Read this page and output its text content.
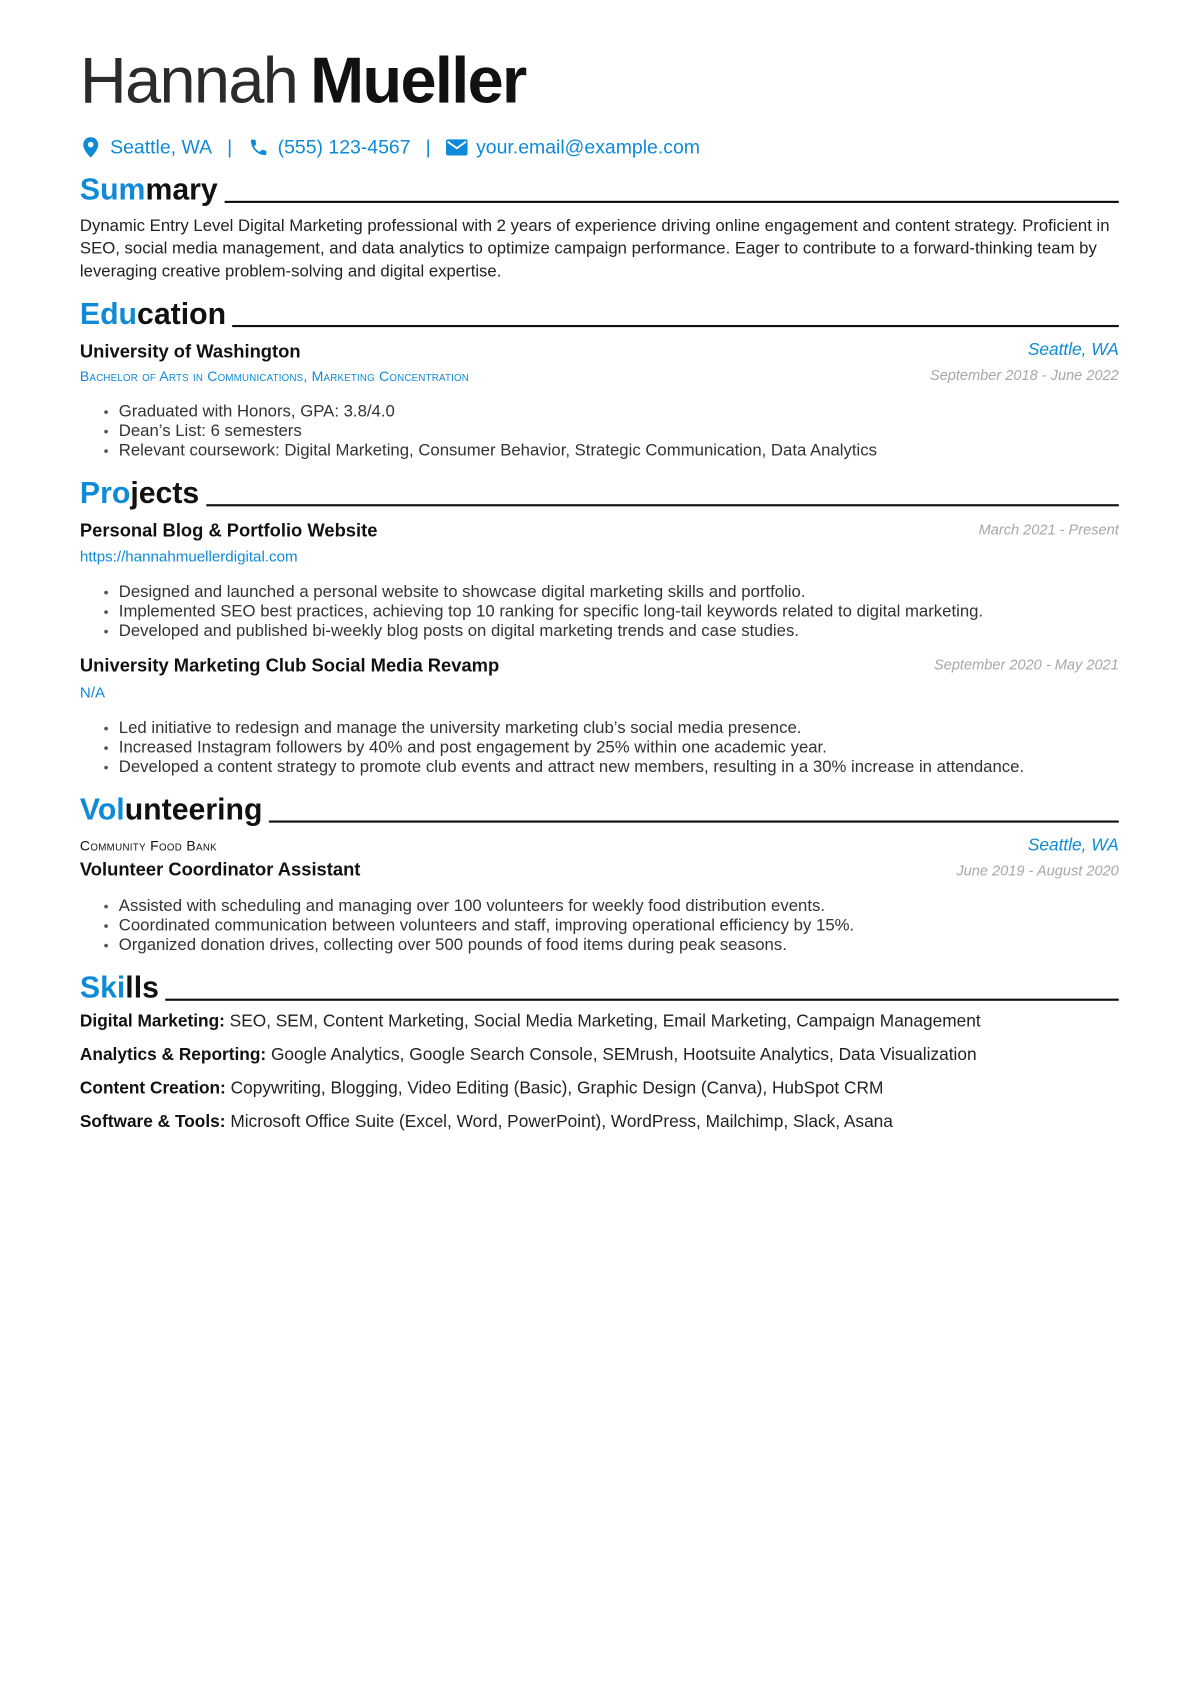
Hannah Mueller
Seattle, WA |	(555) 123-4567 |	your.email@example.com
Summary
Dynamic Entry Level Digital Marketing professional with 2 years of experience driving online engagement and content strategy. Proficient in SEO, social media management, and data analytics to optimize campaign performance. Eager to contribute to a forward-thinking team by leveraging creative problem-solving and digital expertise.
Education
University of Washington	Seattle, WA
Bachelor of Arts in Communications, Marketing Concentration	September 2018 - June 2022
• Graduated with Honors, GPA: 3.8/4.0
• Dean’s List: 6 semesters
• Relevant coursework: Digital Marketing, Consumer Behavior, Strategic Communication, Data Analytics
Projects
Personal Blog & Portfolio Website	March 2021 - Present
https://hannahmuellerdigital.com
• Designed and launched a personal website to showcase digital marketing skills and portfolio.
• Implemented SEO best practices, achieving top 10 ranking for specific long-tail keywords related to digital marketing.
• Developed and published bi-weekly blog posts on digital marketing trends and case studies.
University Marketing Club Social Media Revamp	September 2020 - May 2021
N/A
• Led initiative to redesign and manage the university marketing club’s social media presence.
• Increased Instagram followers by 40% and post engagement by 25% within one academic year.
• Developed a content strategy to promote club events and attract new members, resulting in a 30% increase in attendance.
Volunteering
Community Food Bank	Seattle, WA
Volunteer Coordinator Assistant	June 2019 - August 2020
• Assisted with scheduling and managing over 100 volunteers for weekly food distribution events.
• Coordinated communication between volunteers and staff, improving operational efficiency by 15%.
• Organized donation drives, collecting over 500 pounds of food items during peak seasons.
Skills
Digital Marketing: SEO, SEM, Content Marketing, Social Media Marketing, Email Marketing, Campaign Management
Analytics & Reporting: Google Analytics, Google Search Console, SEMrush, Hootsuite Analytics, Data Visualization
Content Creation: Copywriting, Blogging, Video Editing (Basic), Graphic Design (Canva), HubSpot CRM
Software & Tools: Microsoft Office Suite (Excel, Word, PowerPoint), WordPress, Mailchimp, Slack, Asana
